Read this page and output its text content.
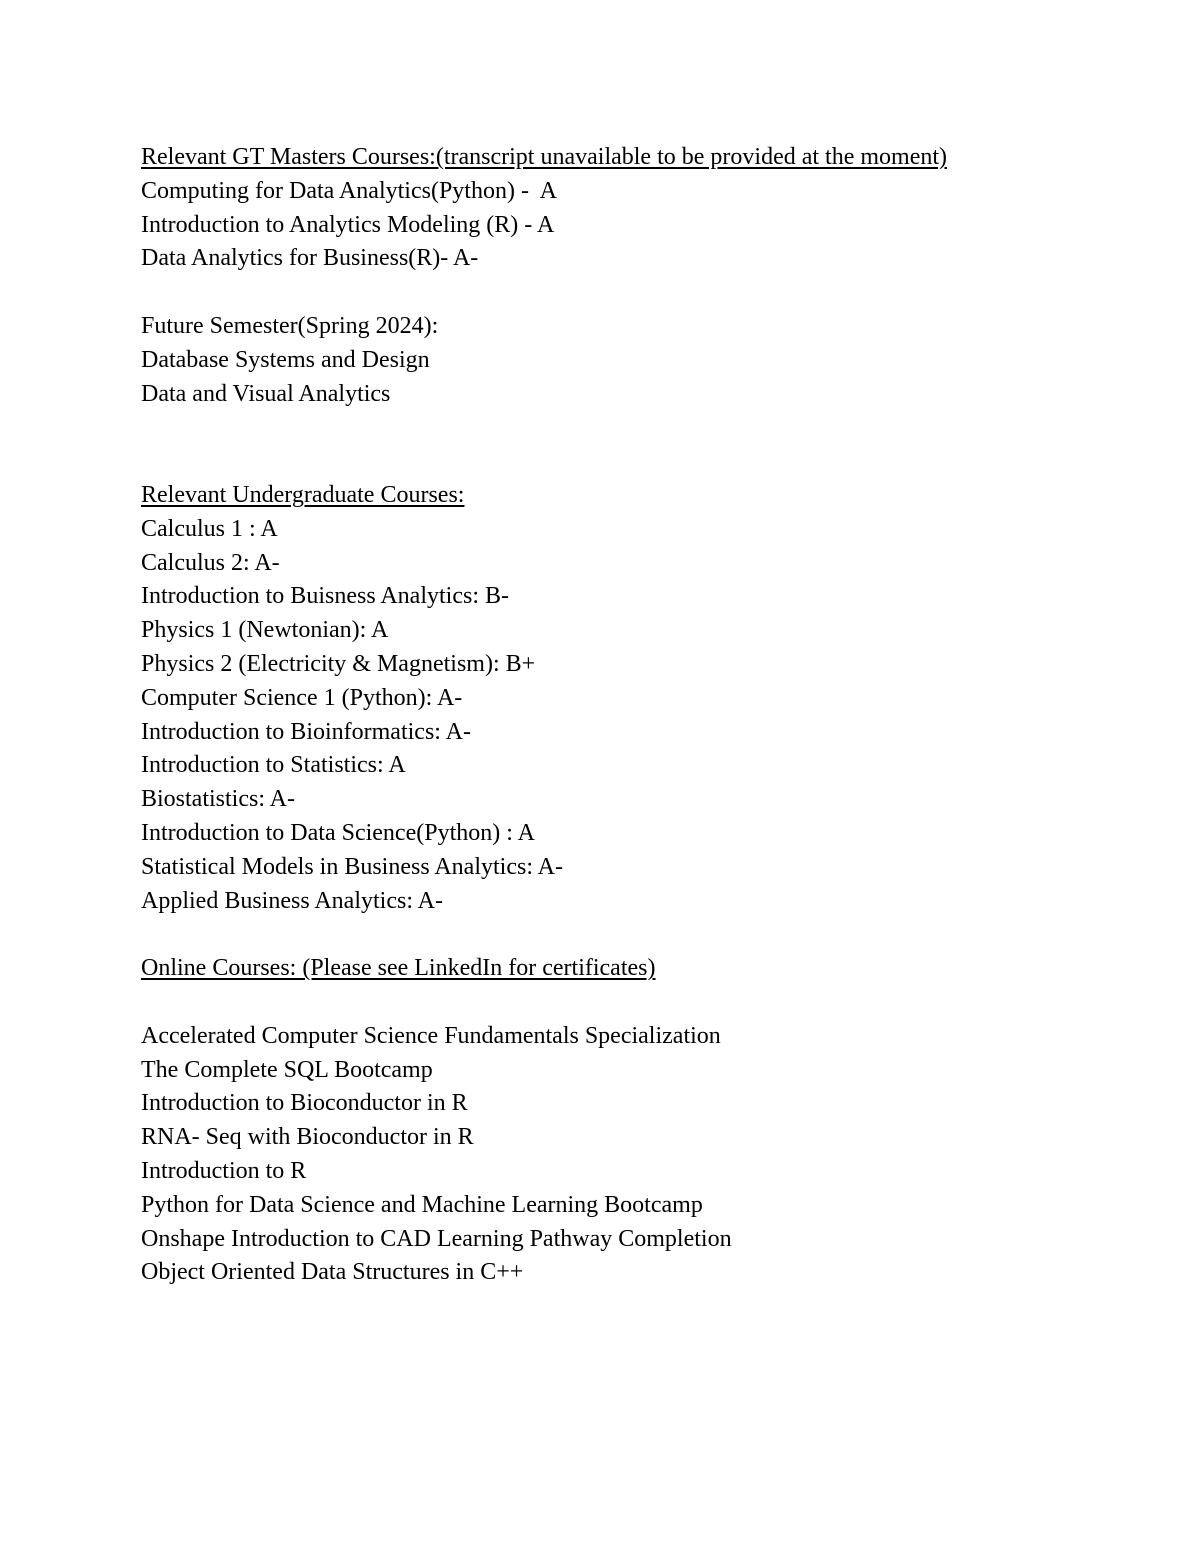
Relevant GT Masters Courses:(transcript unavailable to be provided at the moment)
Computing for Data Analytics(Python) -  A
Introduction to Analytics Modeling (R) - A
Data Analytics for Business(R)- A-
Future Semester(Spring 2024):
Database Systems and Design
Data and Visual Analytics
Relevant Undergraduate Courses:
Calculus 1 : A
Calculus 2: A-
Introduction to Buisness Analytics: B-
Physics 1 (Newtonian): A
Physics 2 (Electricity & Magnetism): B+
Computer Science 1 (Python): A-
Introduction to Bioinformatics: A-
Introduction to Statistics: A
Biostatistics: A-
Introduction to Data Science(Python) : A
Statistical Models in Business Analytics: A-
Applied Business Analytics: A-
Online Courses: (Please see LinkedIn for certificates)
Accelerated Computer Science Fundamentals Specialization
The Complete SQL Bootcamp
Introduction to Bioconductor in R
RNA- Seq with Bioconductor in R
Introduction to R
Python for Data Science and Machine Learning Bootcamp
Onshape Introduction to CAD Learning Pathway Completion
Object Oriented Data Structures in C++
